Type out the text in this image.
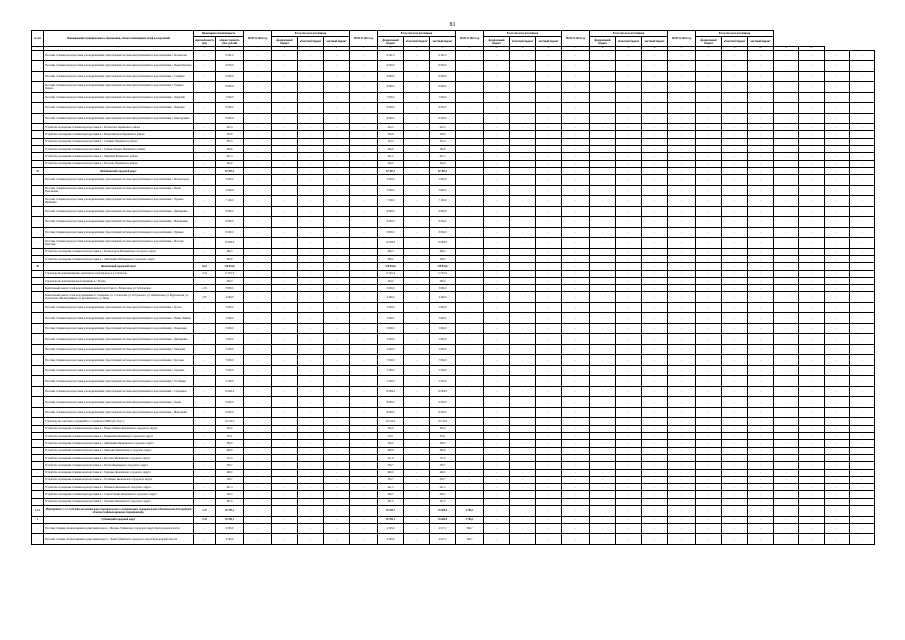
81
№ п/п	Наименование муниципального образования, объекта инженерных сетей и сооружений	Инженерная обеспеченность		ВСЕГО 2020 год	В том числе из источников			ВСЕГО 2021 год	В том числе из источников			ВСЕГО 2022 год	В том числе из источников			ВСЕГО 2023 год	В том числе из источников			ВСЕГО 2024 год	В том числе из источников						
		протяжён-ность (км)	общая стоимость (тыс. рублей)		федеральный бюджет	областной бюджет	местный бюджет		федеральный бюджет	областной бюджет	местный бюджет		федеральный бюджет	областной бюджет	местный бюджет		федеральный бюджет	областной бюджет	местный бюджет		федеральный бюджет	областной бюджет	местный бюджет				

1	2	3	4	5	6	7	8	9	10	11	12	13	14	15	16	17	18	19	20	21	22	23	24	25	26		
-	Поставка станции водоподготовки для модернизации существующей системы централизованного водоснабжения с. Богомолово	-	6 541,0	-	-	-	-	-	6 541,0	-	6 541,0	-	-	-	-	-	-	-	-	-	-	-	-	-	-	-	-
-	Поставка станции водоподготовки для модернизации существующей системы централизованного водоснабжения с. Новая Маломча	-	6 950,0	-	-	-	-	-	6 950,0	-	6 950,0	-	-	-	-	-	-	-	-	-	-	-	-	-	-	-	-
-	Поставка станции водоподготовки для модернизации существующей системы централизованного водоснабжения с. Стенянка	-	6 900,0	-	-	-	-	-	6 900,0	-	6 900,0	-	-	-	-	-	-	-	-	-	-	-	-	-	-	-	-
-	Поставка станции водоподготовки для модернизации существующей системы централизованного водоснабжения с. Губкино-Первое	-	6 900,0	-	-	-	-	-	6 900,0	-	6 900,0	-	-	-	-	-	-	-	-	-	-	-	-	-	-	-	-
-	Поставка станции водоподготовки для модернизации существующей системы централизованного водоснабжения с. Чернухин	-	7 600,0	-	-	-	-	-	7 600,0	-	7 600,0	-	-	-	-	-	-	-	-	-	-	-	-	-	-	-	-
-	Поставка станции водоподготовки для модернизации существующей системы централизованного водоснабжения с. Чернанка	-	8 000,0	-	-	-	-	-	8 000,0	-	8 000,0	-	-	-	-	-	-	-	-	-	-	-	-	-	-	-	-
-	Поставка станции водоподготовки для модернизации существующей системы централизованного водоснабжения с. Кмаструшино	-	8 000,0	-	-	-	-	-	8 000,0	-	8 000,0	-	-	-	-	-	-	-	-	-	-	-	-	-	-	-	-
-	Устройство ограждения станции водоподготовки в с. Богомолово Чернянского района	-	423,3	-	-	-	-	-	423,3	-	423,3	-	-	-	-	-	-	-	-	-	-	-	-	-	-	-	-
-	Устройство ограждения станции водоподготовки в с. Новая Маломча Чернянского района	-	356,8	-	-	-	-	-	356,8	-	356,8	-	-	-	-	-	-	-	-	-	-	-	-	-	-	-	-
-	Устройство ограждения станции водоподготовки в с. Стенянка Чернянского района	-	333,4	-	-	-	-	-	333,4	-	333,4	-	-	-	-	-	-	-	-	-	-	-	-	-	-	-	-
-	Устройство ограждения станции водоподготовки в с. Губкино-Первое Чернянского района	-	384,6	-	-	-	-	-	384,6	-	384,6	-	-	-	-	-	-	-	-	-	-	-	-	-	-	-	-
-	Устройство ограждения станции водоподготовки в с. Чернухин Чернянского района	-	421,3	-	-	-	-	-	421,3	-	421,3	-	-	-	-	-	-	-	-	-	-	-	-	-	-	-	-
-	Устройство ограждения станции водоподготовки в с. Волотово Чернянского района	-	344,0	-	-	-	-	-	344,0	-	344,0	-	-	-	-	-	-	-	-	-	-	-	-	-	-	-	-
19	Шебекинский городской округ	-	92 397,3	-	-	-	-	-	92 397,3	-	92 397,3	-	-	-	-	-	-	-	-	-	-	-	-	-	-	-	-
-	Поставка станции водоподготовки для модернизации существующей системы централизованного водоснабжения с. Белоколодезь	-	5 600,0	-	-	-	-	-	5 600,0	-	5 600,0	-	-	-	-	-	-	-	-	-	-	-	-	-	-	-	-
-	Поставка станции водоподготовки для модернизации существующей системы централизованного водоснабжения с. Новая Таволжанка	-	5 600,0	-	-	-	-	-	5 600,0	-	5 600,0	-	-	-	-	-	-	-	-	-	-	-	-	-	-	-	-
-	Поставка станции водоподготовки для модернизации существующей системы централизованного водоснабжения с. Чураево-Шебекино	-	7 100,0	-	-	-	-	-	7 100,0	-	7 100,0	-	-	-	-	-	-	-	-	-	-	-	-	-	-	-	-
-	Поставка станции водоподготовки для модернизации существующей системы централизованного водоснабжения с. Дмитриевка	-	6 900,0	-	-	-	-	-	6 900,0	-	6 900,0	-	-	-	-	-	-	-	-	-	-	-	-	-	-	-	-
-	Поставка станции водоподготовки для модернизации существующей системы централизованного водоснабжения с. Максимовка	-	8 000,0	-	-	-	-	-	8 000,0	-	8 000,0	-	-	-	-	-	-	-	-	-	-	-	-	-	-	-	-
-	Поставка станции водоподготовки для модернизации существующей системы централизованного водоснабжения с. Чуриков	-	8 000,0	-	-	-	-	-	8 000,0	-	8 000,0	-	-	-	-	-	-	-	-	-	-	-	-	-	-	-	-
-	Поставка станции водоподготовки для модернизации существующей системы централизованного водоснабжения с. Маслова Пристань	-	10 000,0	-	-	-	-	-	10 000,0	-	10 000,0	-	-	-	-	-	-	-	-	-	-	-	-	-	-	-	-
-	Устройство ограждения станции водоподготовки в с. Белоколодезь Шебекинского городского округа	-	499,3	-	-	-	-	-	499,3	-	499,3	-	-	-	-	-	-	-	-	-	-	-	-	-	-	-	-
-	Устройство ограждения станции водоподготовки в с. Дмитриевка Шебекинского городского округа	-	398,0	-	-	-	-	-	398,0	-	398,0	-	-	-	-	-	-	-	-	-	-	-	-	-	-	-	-
20	Яковлевский городской округ	6,04	119 843,0	-	-	-	-	-	119 843,0	-	119 843,0	-	-	-	-	-	-	-	-	-	-	-	-	-	-	-	-
-	Строительство канализационно-самотечного трубопровода в г. Строитель	2,54	17 501,0	-	-	-	-	-	17 501,0	-	17 501,0	-	-	-	-	-	-	-	-	-	-	-	-	-	-	-	-
-	Строительство канализационной скважины в с. Бутово	-	200,0	-	-	-	-	-	200,0	-	200,0	-	-	-	-	-	-	-	-	-	-	-	-	-	-	-	-
-	Капитальный ремонт сетей водоснабжения диаметром 110 мм в х. Вознесенок, ул. Заборовская	1,35	3 600,0	-	-	-	-	-	3 600,0	-	3 600,0	-	-	-	-	-	-	-	-	-	-	-	-	-	-	-	-
-	Капитальный ремонт сетей водоснабжения в г. Томаровка, ул. Строителей, ул. Островского, ул. Октябрьская, ул. Фрунзенская, ул. Островского-Мелиоративная, ул. Малиновского, ул. Мира	2,05	4 400,0	-	-	-	-	-	4 400,0	-	4 400,0	-	-	-	-	-	-	-	-	-	-	-	-	-	-	-	-
-	Поставка станции водоподготовки для модернизации существующей системы централизованного водоснабжения с. Бутово	-	5 600,0	-	-	-	-	-	5 600,0	-	5 600,0	-	-	-	-	-	-	-	-	-	-	-	-	-	-	-	-
-	Поставка станции водоподготовки для модернизации существующей системы централизованного водоснабжения с. Новые Лапины	-	5 600,0	-	-	-	-	-	5 600,0	-	5 600,0	-	-	-	-	-	-	-	-	-	-	-	-	-	-	-	-
-	Поставка станции водоподготовки для модернизации существующей системы централизованного водоснабжения с. Подымовка	-	5 600,0	-	-	-	-	-	5 600,0	-	5 600,0	-	-	-	-	-	-	-	-	-	-	-	-	-	-	-	-
-	Поставка станции водоподготовки для модернизации существующей системы централизованного водоснабжения с. Дмитриевка	-	5 800,0	-	-	-	-	-	5 800,0	-	5 800,0	-	-	-	-	-	-	-	-	-	-	-	-	-	-	-	-
-	Поставка станции водоподготовки для модернизации существующей системы централизованного водоснабжения с. Завидовка	-	5 600,0	-	-	-	-	-	5 600,0	-	5 600,0	-	-	-	-	-	-	-	-	-	-	-	-	-	-	-	-
-	Поставка станции водоподготовки для модернизации существующей системы централизованного водоснабжения с. Кустовое	-	7 000,0	-	-	-	-	-	7 000,0	-	7 000,0	-	-	-	-	-	-	-	-	-	-	-	-	-	-	-	-
-	Поставка станции водоподготовки для модернизации существующей системы централизованного водоснабжения с. Терновка	-	5 500,0	-	-	-	-	-	5 500,0	-	5 500,0	-	-	-	-	-	-	-	-	-	-	-	-	-	-	-	-
-	Поставка станции водоподготовки для модернизации существующей системы централизованного водоснабжения с. Гостищево	-	5 500,0	-	-	-	-	-	5 500,0	-	5 500,0	-	-	-	-	-	-	-	-	-	-	-	-	-	-	-	-
-	Поставка станции водоподготовки для модернизации существующей системы централизованного водоснабжения с. Стрелецкое	-	10 000,0	-	-	-	-	-	10 000,0	-	10 000,0	-	-	-	-	-	-	-	-	-	-	-	-	-	-	-	-
-	Поставка станции водоподготовки для модернизации существующей системы централизованного водоснабжения с. Локня	-	8 000,0	-	-	-	-	-	8 000,0	-	8 000,0	-	-	-	-	-	-	-	-	-	-	-	-	-	-	-	-
-	Поставка станции водоподготовки для модернизации существующей системы централизованного водоснабжения с. Жаворонки	-	8 000,0	-	-	-	-	-	8 000,0	-	8 000,0	-	-	-	-	-	-	-	-	-	-	-	-	-	-	-	-
-	Строительство очистных сооружений в г. Строитель (10000 куб. м/сут.)	-	18 513,0	-	-	-	-	-	18 513,0	-	18 513,0	-	-	-	-	-	-	-	-	-	-	-	-	-	-	-	-
-	Устройство ограждения станции водоподготовки в с. Новые Лапины Яковлевского городского округа	-	304,0	-	-	-	-	-	304,0	-	304,0	-	-	-	-	-	-	-	-	-	-	-	-	-	-	-	-
-	Устройство ограждения станции водоподготовки в с. Подымовка Яковлевского городского округа	-	370,1	-	-	-	-	-	370,1	-	370,1	-	-	-	-	-	-	-	-	-	-	-	-	-	-	-	-
-	Устройство ограждения станции водоподготовки в с. Дмитриевка Яковлевского городского округа	-	336,0	-	-	-	-	-	336,0	-	336,0	-	-	-	-	-	-	-	-	-	-	-	-	-	-	-	-
-	Устройство ограждения станции водоподготовки в с. Завидовка Яковлевского городского округа	-	490,0	-	-	-	-	-	490,0	-	490,0	-	-	-	-	-	-	-	-	-	-	-	-	-	-	-	-
-	Устройство ограждения станции водоподготовки в с. Кустовое Яковлевского городского округа	-	311,9	-	-	-	-	-	311,9	-	311,9	-	-	-	-	-	-	-	-	-	-	-	-	-	-	-	-
-	Устройство ограждения станции водоподготовки в с. Бутово Яковлевского городского округа	-	350,7	-	-	-	-	-	350,7	-	350,7	-	-	-	-	-	-	-	-	-	-	-	-	-	-	-	-
-	Устройство ограждения станции водоподготовки в с. Терновка Яковлевского городского округа	-	490,0	-	-	-	-	-	490,0	-	490,0	-	-	-	-	-	-	-	-	-	-	-	-	-	-	-	-
-	Устройство ограждения станции водоподготовки в с. Гостищево Яковлевского городского округа	-	350,7	-	-	-	-	-	350,7	-	350,7	-	-	-	-	-	-	-	-	-	-	-	-	-	-	-	-
-	Устройство ограждения станции водоподготовки в с. Мощеное Яковлевского городского округа	-	421,3	-	-	-	-	-	421,3	-	421,3	-	-	-	-	-	-	-	-	-	-	-	-	-	-	-	-
-	Устройство ограждения станции водоподготовки в с. Старое Гиняно Яковлевского городского округа	-	436,3	-	-	-	-	-	436,3	-	436,3	-	-	-	-	-	-	-	-	-	-	-	-	-	-	-	-
-	Устройство ограждения станции водоподготовки в с. Ольховка Яковлевского городского округа	-	397,0	-	-	-	-	-	397,0	-	397,0	-	-	-	-	-	-	-	-	-	-	-	-	-	-	-	-
1.1.2.	Мероприятие 1.1.2 «Субсидии на капитальное строительство и модернизацию муниципальной собственности Белгородской области (софинансирование мероприятий)»	1,35	39 785,1	-	-	-	-	-	39 785,1	-	35 000,0	4 785,1	-	-	-	-	-	-	-	-	-	-	-	-	-	-	-
1	Губкинский городской округ	1,35	39 785,1	-	-	-	-	-	39 785,1	-	35 000,0	4 785,1	-	-	-	-	-	-	-	-	-	-	-	-	-	-	-
-	Поставка станции обезжелезивания и умягчения воды в с. Мелавое Губкинского городского округа Белгородской области	-	4 583,9	-	-	-	-	-	4 583,9	-	4 017,2	566,7	-	-	-	-	-	-	-	-	-	-	-	-	-	-	-
-	Поставка станции обезжелезивания и умягчения воды в с. Лучки Губкинского городского округа Белгородской области	-	4 583,9	-	-	-	-	-	4 583,9	-	4 017,2	566,7	-	-	-	-	-	-	-	-	-	-	-	-	-	-	-
